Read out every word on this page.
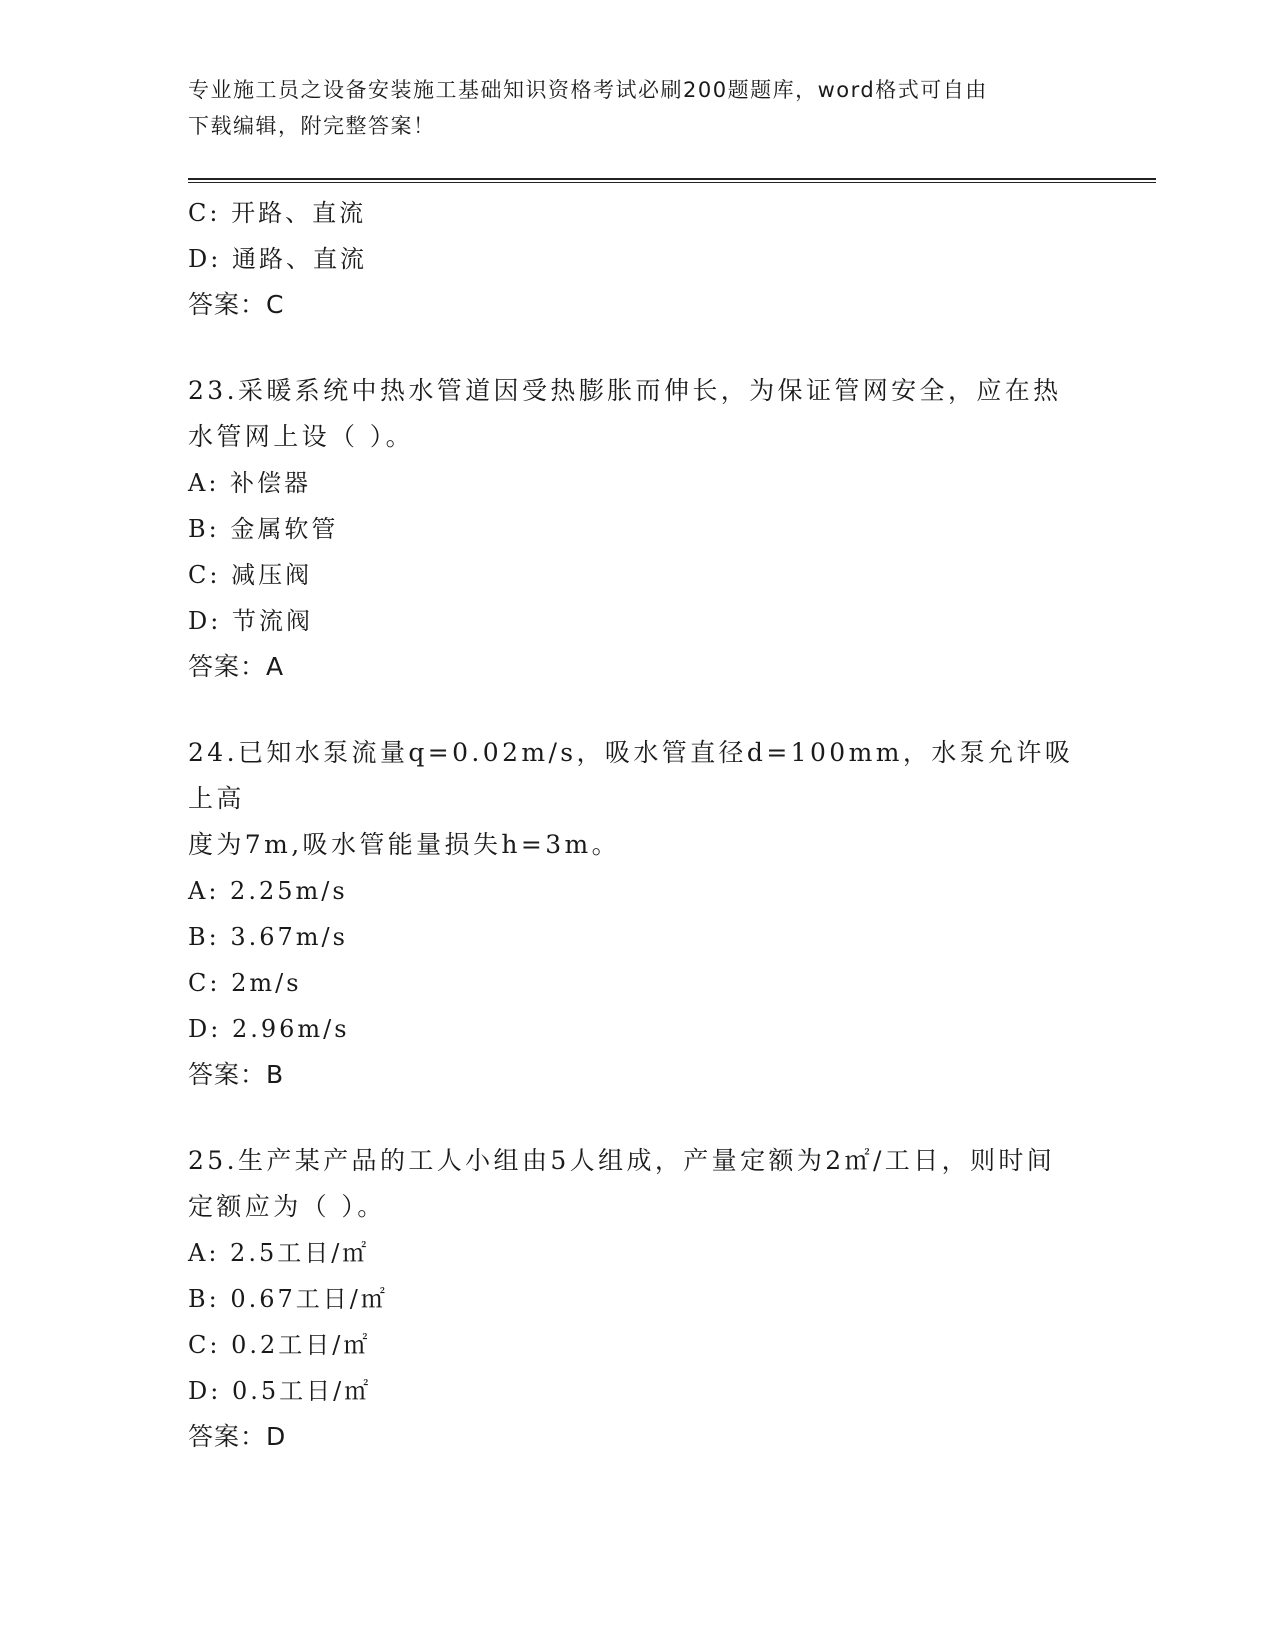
专业施工员之设备安装施工基础知识资格考试必刷200题题库，word格式可自由
下载编辑，附完整答案！
C: 开路、直流
D: 通路、直流
答案：C
23.采暖系统中热水管道因受热膨胀而伸长，为保证管网安全，应在热
水管网上设（ ）。
A: 补偿器
B: 金属软管
C: 减压阀
D: 节流阀
答案：A
24.已知水泵流量q=0.02m/s，吸水管直径d=100mm，水泵允许吸上高
度为7m,吸水管能量损失h=3m。
A: 2.25m/s
B: 3.67m/s
C: 2m/s
D: 2.96m/s
答案：B
25.生产某产品的工人小组由5人组成，产量定额为2㎡/工日，则时间
定额应为（ ）。
A: 2.5工日/㎡
B: 0.67工日/㎡
C: 0.2工日/㎡
D: 0.5工日/㎡
答案：D
